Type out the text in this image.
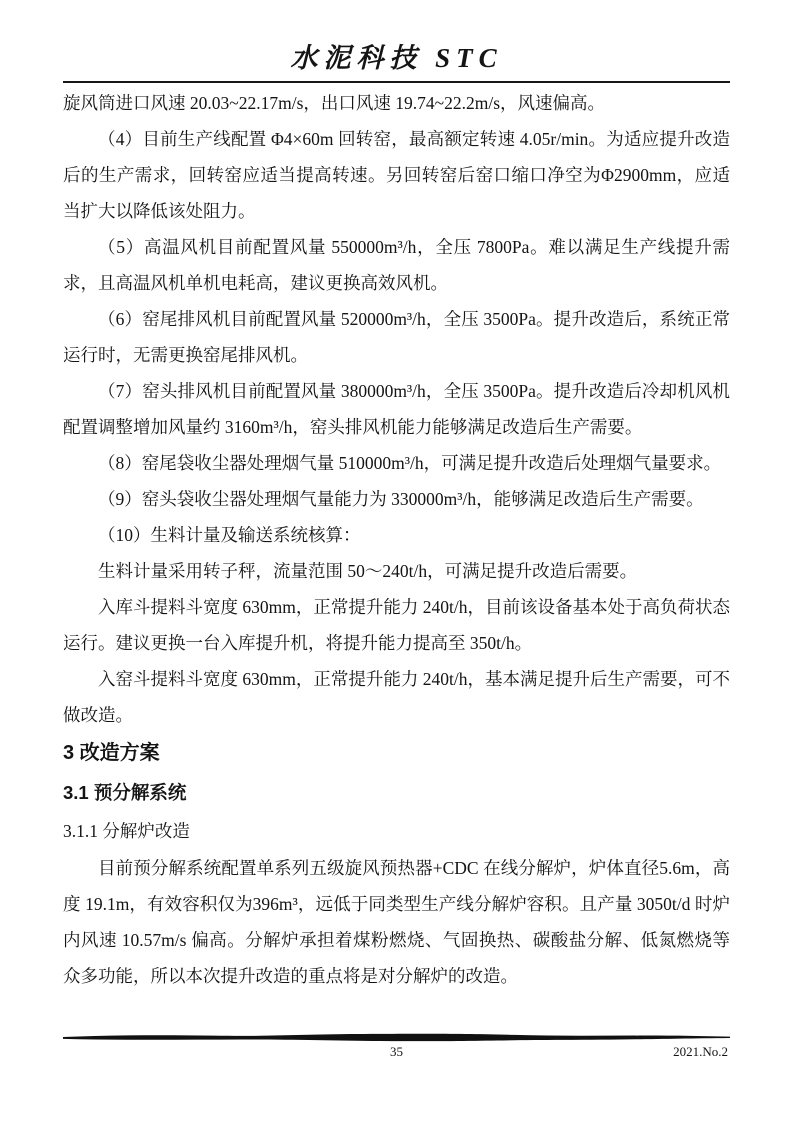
水泥科技 STC

旋风筒进口风速 20.03~22.17m/s，出口风速 19.74~22.2m/s，风速偏高。

（4）目前生产线配置 Φ4×60m 回转窑，最高额定转速 4.05r/min。为适应提升改造后的生产需求，回转窑应适当提高转速。另回转窑后窑口缩口净空为Φ2900mm，应适当扩大以降低该处阻力。

（5）高温风机目前配置风量 550000m³/h，全压 7800Pa。难以满足生产线提升需求，且高温风机单机电耗高，建议更换高效风机。

（6）窑尾排风机目前配置风量 520000m³/h，全压 3500Pa。提升改造后，系统正常运行时，无需更换窑尾排风机。

（7）窑头排风机目前配置风量 380000m³/h，全压 3500Pa。提升改造后冷却机风机配置调整增加风量约 3160m³/h，窑头排风机能力能够满足改造后生产需要。

（8）窑尾袋收尘器处理烟气量 510000m³/h，可满足提升改造后处理烟气量要求。

（9）窑头袋收尘器处理烟气量能力为 330000m³/h，能够满足改造后生产需要。

（10）生料计量及输送系统核算：

生料计量采用转子秤，流量范围 50～240t/h，可满足提升改造后需要。

入库斗提料斗宽度 630mm，正常提升能力 240t/h，目前该设备基本处于高负荷状态运行。建议更换一台入库提升机，将提升能力提高至 350t/h。

入窑斗提料斗宽度 630mm，正常提升能力 240t/h，基本满足提升后生产需要，可不做改造。

3 改造方案

3.1 预分解系统

3.1.1 分解炉改造

目前预分解系统配置单系列五级旋风预热器+CDC 在线分解炉，炉体直径5.6m，高度 19.1m，有效容积仅为396m³，远低于同类型生产线分解炉容积。且产量 3050t/d 时炉内风速 10.57m/s 偏高。分解炉承担着煤粉燃烧、气固换热、碳酸盐分解、低氮燃烧等众多功能，所以本次提升改造的重点将是对分解炉的改造。

35	2021.No.2
